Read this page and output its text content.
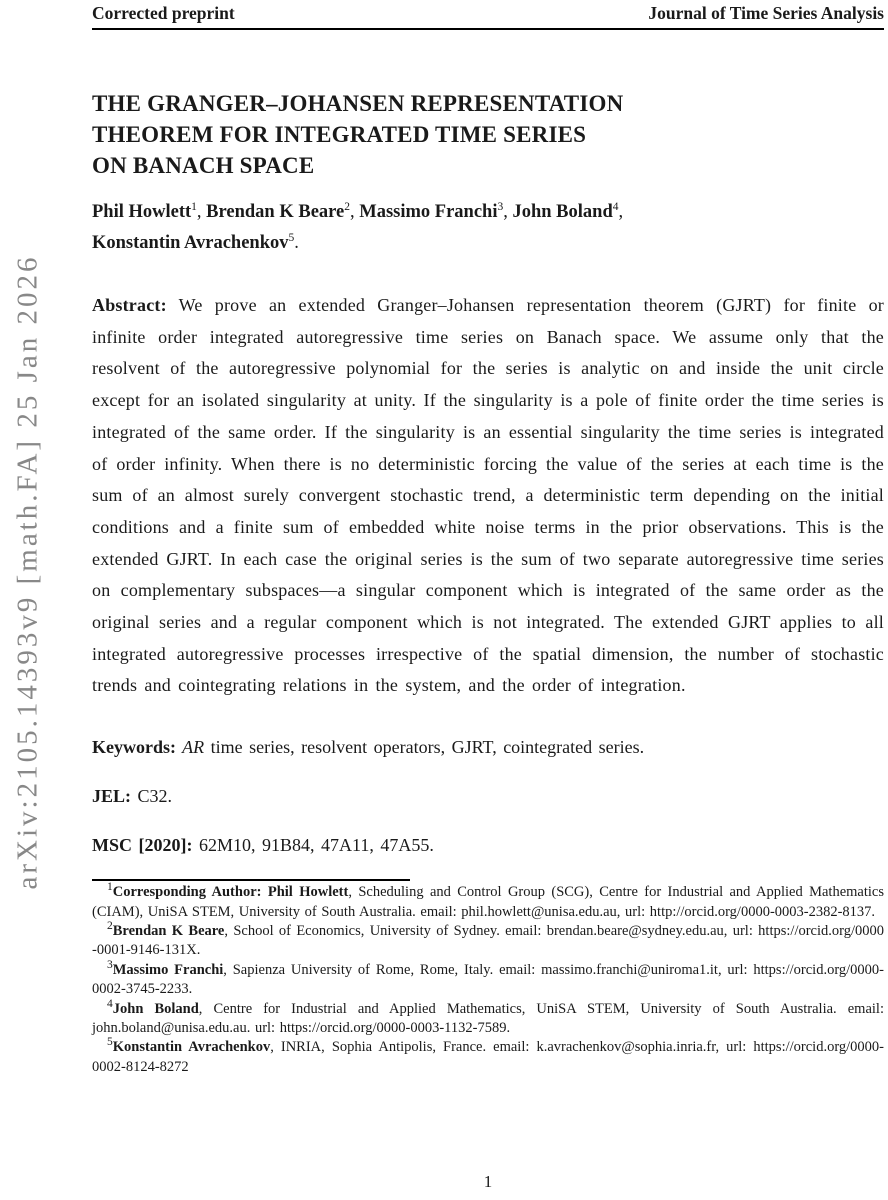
arXiv:2105.14393v9 [math.FA] 25 Jan 2026
Corrected preprint	Journal of Time Series Analysis
THE GRANGER–JOHANSEN REPRESENTATION
THEOREM FOR INTEGRATED TIME SERIES
ON BANACH SPACE
Phil Howlett$^1$, Brendan K Beare$^2$, Massimo Franchi$^3$, John Boland$^4$,
Konstantin Avrachenkov$^5$.

Abstract: We prove an extended Granger–Johansen representation theorem (GJRT) for finite or infinite order integrated autoregressive time series on Banach space. We assume only that the resolvent of the autoregressive polynomial for the series is analytic on and inside the unit circle except for an isolated singularity at unity. If the singularity is a pole of finite order the time series is integrated of the same order. If the singularity is an essential singularity the time series is integrated of order infinity. When there is no deterministic forcing the value of the series at each time is the sum of an almost surely convergent stochastic trend, a deterministic term depending on the initial conditions and a finite sum of embedded white noise terms in the prior observations. This is the extended GJRT. In each case the original series is the sum of two separate autoregressive time series on complementary subspaces—a singular component which is integrated of the same order as the original series and a regular component which is not integrated. The extended GJRT applies to all integrated autoregressive processes irrespective of the spatial dimension, the number of stochastic trends and cointegrating relations in the system, and the order of integration.

Keywords: AR time series, resolvent operators, GJRT, cointegrated series.

JEL: C32.

MSC [2020]: 62M10, 91B84, 47A11, 47A55.

$^1$Corresponding Author: Phil Howlett, Scheduling and Control Group (SCG), Centre for Industrial and Applied Mathematics (CIAM), UniSA STEM, University of South Australia. email: phil.howlett@unisa.edu.au, url: http://orcid.org/0000-0003-2382-8137.

$^2$Brendan K Beare, School of Economics, University of Sydney. email: brendan.beare@sydney.edu.au, url: https://orcid.org/0000 -0001-9146-131X.

$^3$Massimo Franchi, Sapienza University of Rome, Rome, Italy. email: massimo.franchi@uniroma1.it, url: https://orcid.org/0000-0002-3745-2233.

$^4$John Boland, Centre for Industrial and Applied Mathematics, UniSA STEM, University of South Australia. email: john.boland@unisa.edu.au. url: https://orcid.org/0000-0003-1132-7589.

$^5$Konstantin Avrachenkov, INRIA, Sophia Antipolis, France. email: k.avrachenkov@sophia.inria.fr, url: https://orcid.org/0000-0002-8124-8272

1
